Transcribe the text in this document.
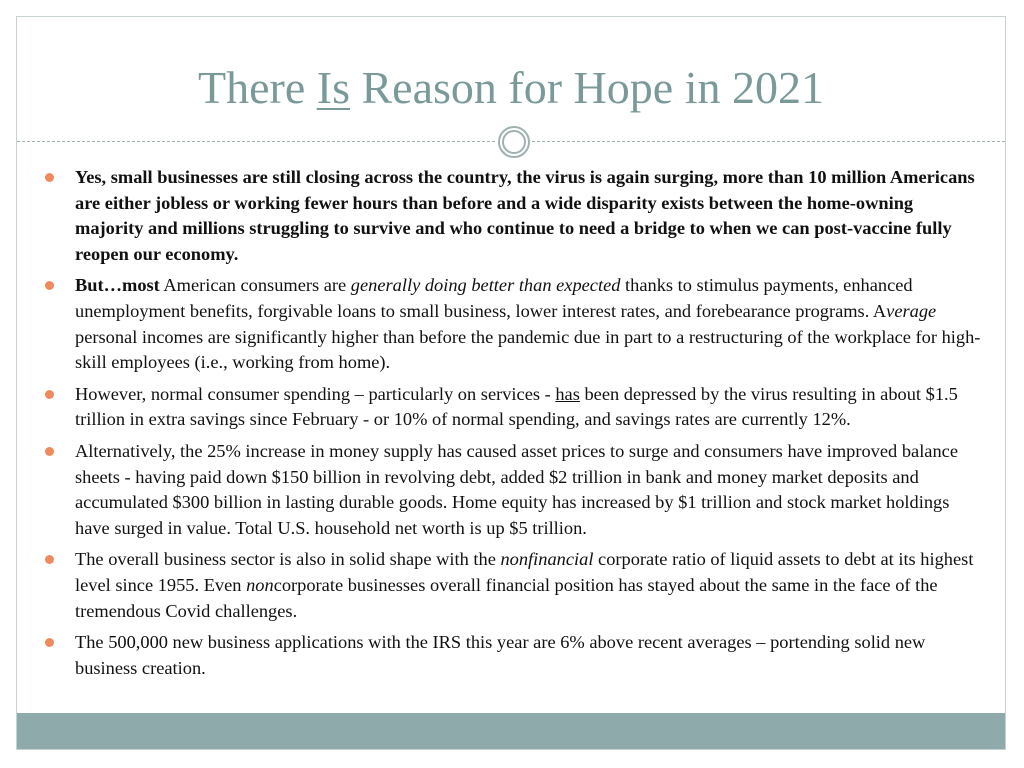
There Is Reason for Hope in 2021
Yes, small businesses are still closing across the country, the virus is again surging, more than 10 million Americans are either jobless or working fewer hours than before and a wide disparity exists between the home-owning majority and millions struggling to survive and who continue to need a bridge to when we can post-vaccine fully reopen our economy.
But…most American consumers are generally doing better than expected thanks to stimulus payments, enhanced unemployment benefits, forgivable loans to small business, lower interest rates, and forebearance programs. Average personal incomes are significantly higher than before the pandemic due in part to a restructuring of the workplace for high-skill employees (i.e., working from home).
However, normal consumer spending – particularly on services - has been depressed by the virus resulting in about $1.5 trillion in extra savings since February - or 10% of normal spending, and savings rates are currently 12%.
Alternatively, the 25% increase in money supply has caused asset prices to surge and consumers have improved balance sheets - having paid down $150 billion in revolving debt, added $2 trillion in bank and money market deposits and accumulated $300 billion in lasting durable goods. Home equity has increased by $1 trillion and stock market holdings have surged in value. Total U.S. household net worth is up $5 trillion.
The overall business sector is also in solid shape with the nonfinancial corporate ratio of liquid assets to debt at its highest level since 1955. Even noncorporate businesses overall financial position has stayed about the same in the face of the tremendous Covid challenges.
The 500,000 new business applications with the IRS this year are 6% above recent averages – portending solid new business creation.
